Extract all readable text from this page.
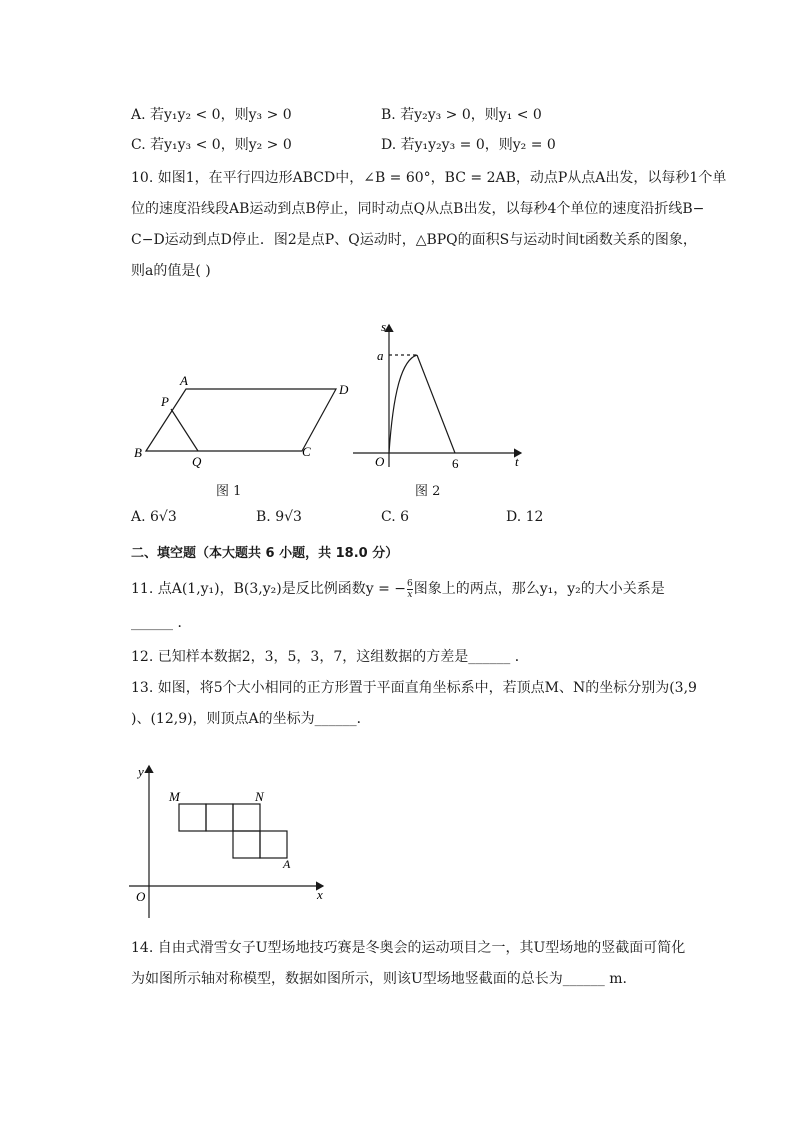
A. 若y₁y₂ < 0，则y₃ > 0	B. 若y₂y₃ > 0，则y₁ < 0
C. 若y₁y₃ < 0，则y₂ > 0	D. 若y₁y₂y₃ = 0，则y₂ = 0
10. 如图1，在平行四边形ABCD中，∠B = 60°，BC = 2AB，动点P从点A出发，以每秒1个单
位的速度沿线段AB运动到点B停止，同时动点Q从点B出发，以每秒4个单位的速度沿折线B−
C−D运动到点D停止．图2是点P、Q运动时，△BPQ的面积S与运动时间t函数关系的图象，
则a的值是( )
A
P
D
B
Q
C
图 1
s
a
O	6	t
图 2
A. 6√3	B. 9√3	C. 6	D. 12
二、填空题（本大题共 6 小题，共 18.0 分）
11. 点A(1,y₁)，B(3,y₂)是反比例函数y = − $\frac{6}{x}$ 图象上的两点，那么y₁，y₂的大小关系是
______ ．
12. 已知样本数据2，3，5，3，7，这组数据的方差是______ ．
13. 如图，将5个大小相同的正方形置于平面直角坐标系中，若顶点M、N的坐标分别为(3,9
)、(12,9)，则顶点A的坐标为______．
y
x
O
M	N
A
14. 自由式滑雪女子U型场地技巧赛是冬奥会的运动项目之一，其U型场地的竖截面可简化
为如图所示轴对称模型，数据如图所示，则该U型场地竖截面的总长为______ m.
